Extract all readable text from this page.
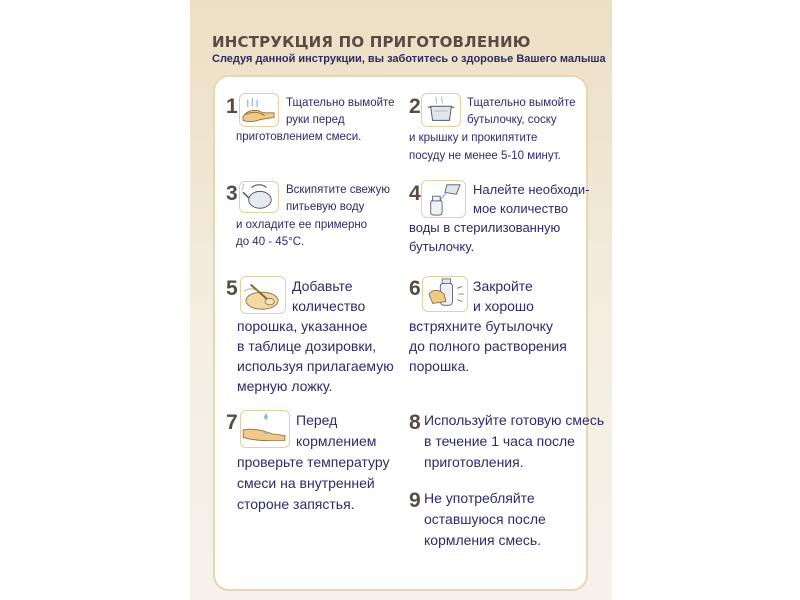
ИНСТРУКЦИЯ ПО ПРИГОТОВЛЕНИЮ
Следуя данной инструкции, вы заботитесь о здоровье Вашего малыша
1	Тщательно вымойте
руки перед
приготовлением смеси.
2	Тщательно вымойте
бутылочку, соску
и крышку и прокипятите
посуду не менее 5-10 минут.
3	Вскипятите свежую
питьевую воду
и охладите ее примерно
до 40 - 45°С.
4	Налейте необходи-
мое количество
воды в стерилизованную
бутылочку.
5	Добавьте
количество
порошка, указанное
в таблице дозировки,
используя прилагаемую
мерную ложку.
6	Закройте
и хорошо
встряхните бутылочку
до полного растворения
порошка.
7	Перед
кормлением
проверьте температуру
смеси на внутренней
стороне запястья.
8 Используйте готовую смесь
в течение 1 часа после
приготовления.
9 Не употребляйте
оставшуюся после
кормления смесь.
